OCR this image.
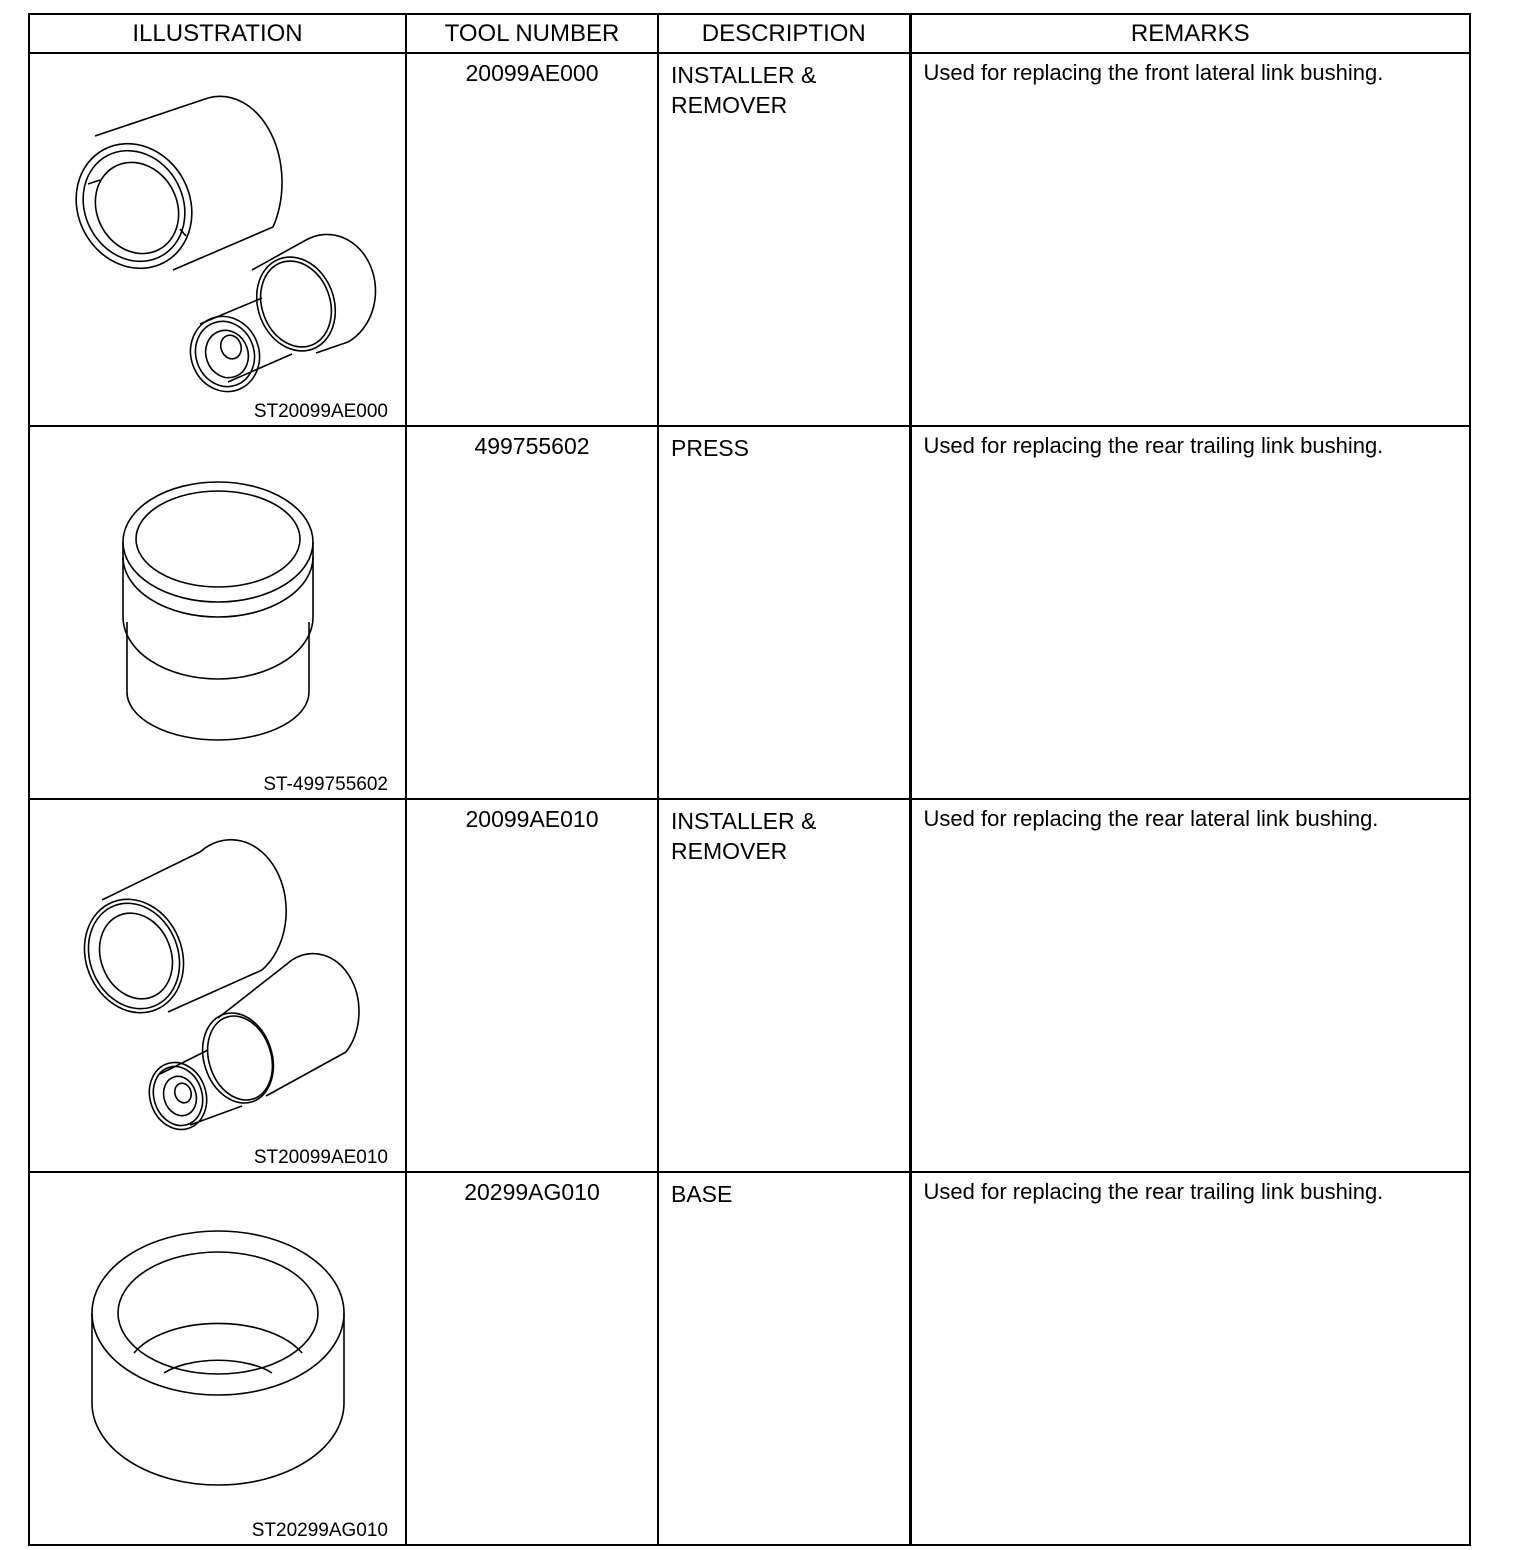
ILLUSTRATION	TOOL NUMBER	DESCRIPTION	REMARKS

ST20099AE000	20099AE000	INSTALLER &
REMOVER	Used for replacing the front lateral link bushing.

ST-499755602	499755602	PRESS	Used for replacing the rear trailing link bushing.

ST20099AE010	20099AE010	INSTALLER &
REMOVER	Used for replacing the rear lateral link bushing.

ST20299AG010	20299AG010	BASE	Used for replacing the rear trailing link bushing.
